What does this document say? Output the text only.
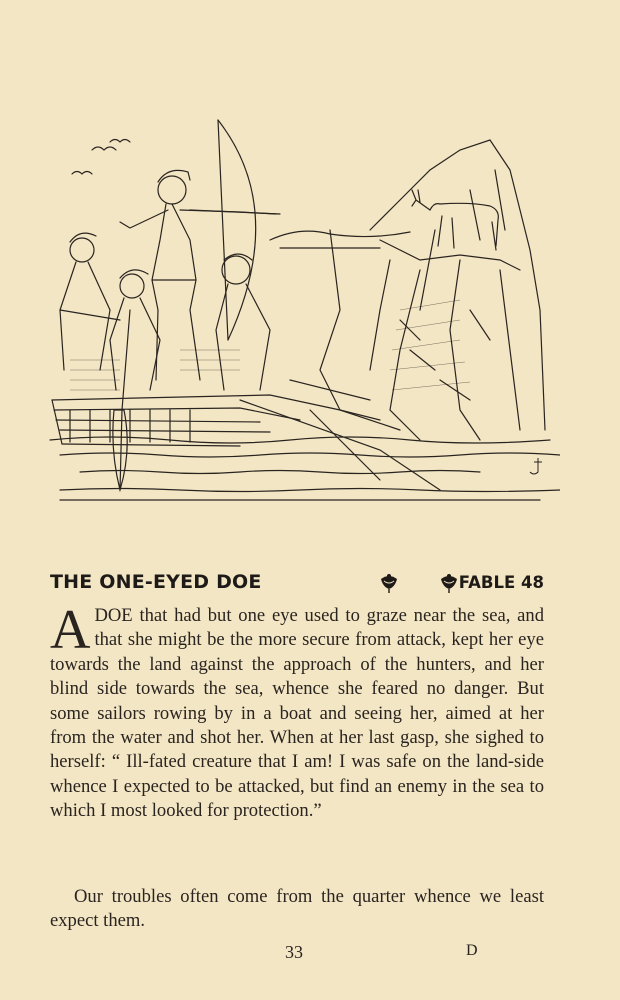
THE ONE-EYED DOE	FABLE 48
A DOE that had but one eye used to graze near the sea, and that she might be the more secure from attack, kept her eye towards the land against the approach of the hunters, and her blind side towards the sea, whence she feared no danger. But some sailors rowing by in a boat and seeing her, aimed at her from the water and shot her. When at her last gasp, she sighed to herself: “ Ill-fated creature that I am! I was safe on the land-side whence I expected to be attacked, but find an enemy in the sea to which I most looked for protection.”
Our troubles often come from the quarter whence we least expect them.
33	D
